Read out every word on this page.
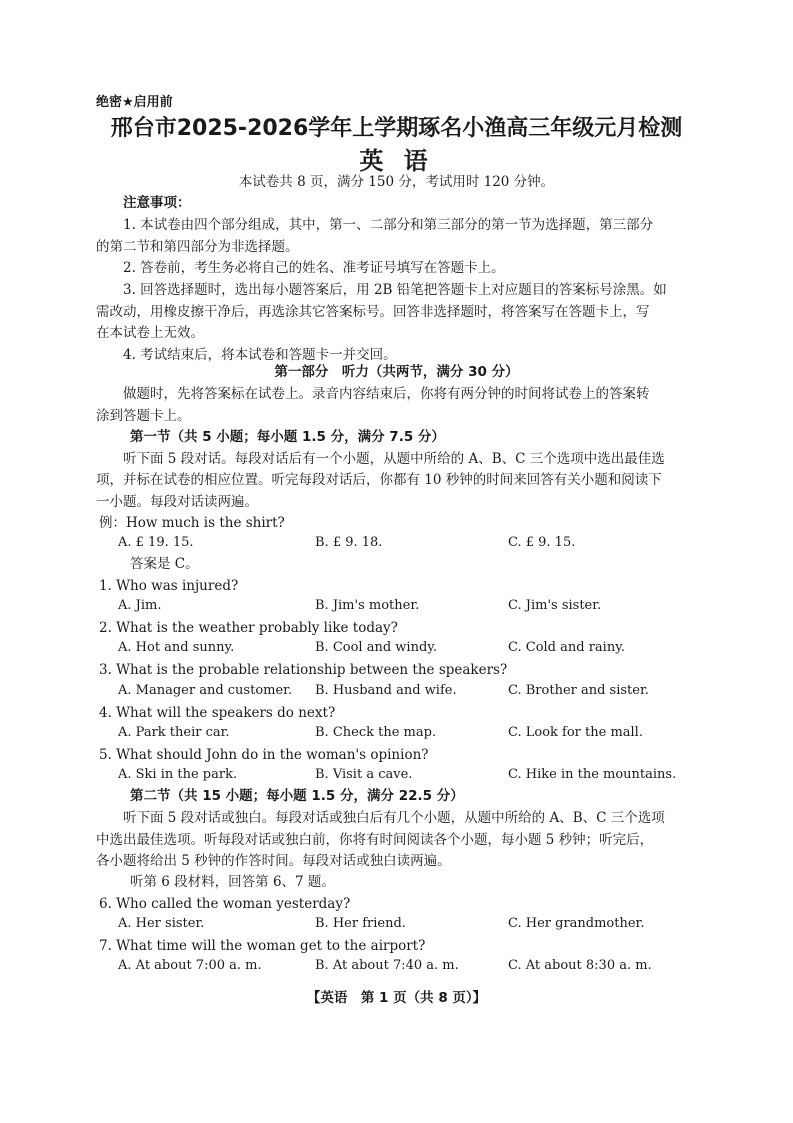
绝密★启用前
邢台市2025-2026学年上学期琢名小渔高三年级元月检测
英 语
本试卷共 8 页，满分 150 分，考试用时 120 分钟。
注意事项：
1. 本试卷由四个部分组成，其中，第一、二部分和第三部分的第一节为选择题，第三部分
的第二节和第四部分为非选择题。
2. 答卷前，考生务必将自己的姓名、准考证号填写在答题卡上。
3. 回答选择题时，选出每小题答案后，用 2B 铅笔把答题卡上对应题目的答案标号涂黑。如
需改动，用橡皮擦干净后，再选涂其它答案标号。回答非选择题时，将答案写在答题卡上，写
在本试卷上无效。
4. 考试结束后，将本试卷和答题卡一并交回。
第一部分　听力（共两节，满分 30 分）
做题时，先将答案标在试卷上。录音内容结束后，你将有两分钟的时间将试卷上的答案转
涂到答题卡上。
第一节（共 5 小题；每小题 1.5 分，满分 7.5 分）
听下面 5 段对话。每段对话后有一个小题，从题中所给的 A、B、C 三个选项中选出最佳选
项，并标在试卷的相应位置。听完每段对话后，你都有 10 秒钟的时间来回答有关小题和阅读下
一小题。每段对话读两遍。
例：How much is the shirt?
A. £ 19. 15.	B. £ 9. 18.	C. £ 9. 15.
答案是 C。
1. Who was injured?
A. Jim.	B. Jim's mother.	C. Jim's sister.
2. What is the weather probably like today?
A. Hot and sunny.	B. Cool and windy.	C. Cold and rainy.
3. What is the probable relationship between the speakers?
A. Manager and customer. B. Husband and wife.	C. Brother and sister.
4. What will the speakers do next?
A. Park their car.	B. Check the map.	C. Look for the mall.
5. What should John do in the woman's opinion?
A. Ski in the park.	B. Visit a cave.	C. Hike in the mountains.
第二节（共 15 小题；每小题 1.5 分，满分 22.5 分）
听下面 5 段对话或独白。每段对话或独白后有几个小题，从题中所给的 A、B、C 三个选项
中选出最佳选项。听每段对话或独白前，你将有时间阅读各个小题，每小题 5 秒钟；听完后，
各小题将给出 5 秒钟的作答时间。每段对话或独白读两遍。
听第 6 段材料，回答第 6、7 题。
6. Who called the woman yesterday?
A. Her sister.	B. Her friend.	C. Her grandmother.
7. What time will the woman get to the airport?
A. At about 7:00 a. m.	B. At about 7:40 a. m.	C. At about 8:30 a. m.
【英语　第 1 页（共 8 页）】
